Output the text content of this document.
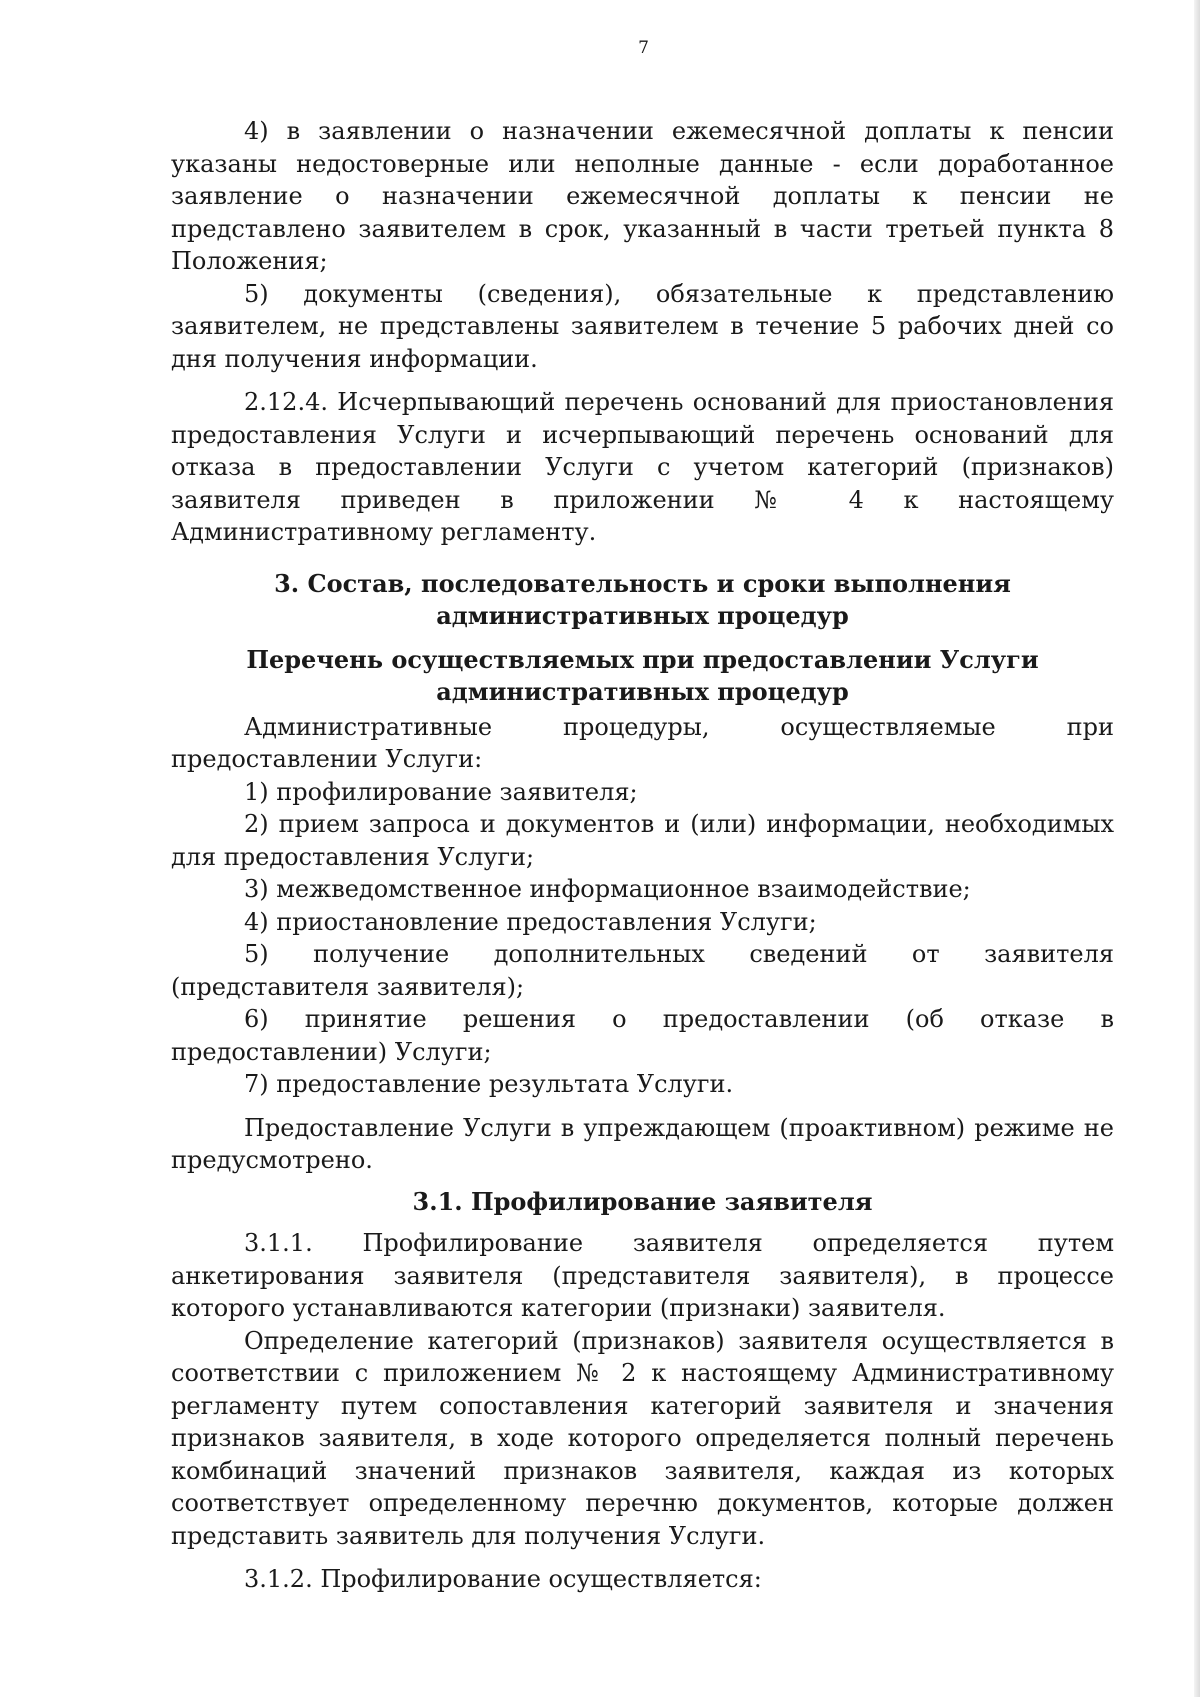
7

4) в заявлении о назначении ежемесячной доплаты к пенсии указаны недостоверные или неполные данные - если доработанное заявление о назначении ежемесячной доплаты к пенсии не представлено заявителем в срок, указанный в части третьей пункта 8 Положения;

5) документы (сведения), обязательные к представлению заявителем, не представлены заявителем в течение 5 рабочих дней со дня получения информации.

2.12.4. Исчерпывающий перечень оснований для приостановления предоставления Услуги и исчерпывающий перечень оснований для отказа в предоставлении Услуги с учетом категорий (признаков) заявителя приведен в приложении № 4 к настоящему Административному регламенту.

3. Состав, последовательность и сроки выполнения административных процедур
Перечень осуществляемых при предоставлении Услуги административных процедур

Административные процедуры, осуществляемые при предоставлении Услуги:

1) профилирование заявителя;

2) прием запроса и документов и (или) информации, необходимых для предоставления Услуги;

3) межведомственное информационное взаимодействие;

4) приостановление предоставления Услуги;

5) получение дополнительных сведений от заявителя (представителя заявителя);

6) принятие решения о предоставлении (об отказе в предоставлении) Услуги;

7) предоставление результата Услуги.

Предоставление Услуги в упреждающем (проактивном) режиме не предусмотрено.

3.1. Профилирование заявителя

3.1.1. Профилирование заявителя определяется путем анкетирования заявителя (представителя заявителя), в процессе которого устанавливаются категории (признаки) заявителя.

Определение категорий (признаков) заявителя осуществляется в соответствии с приложением № 2 к настоящему Административному регламенту путем сопоставления категорий заявителя и значения признаков заявителя, в ходе которого определяется полный перечень комбинаций значений признаков заявителя, каждая из которых соответствует определенному перечню документов, которые должен представить заявитель для получения Услуги.

3.1.2. Профилирование осуществляется:
